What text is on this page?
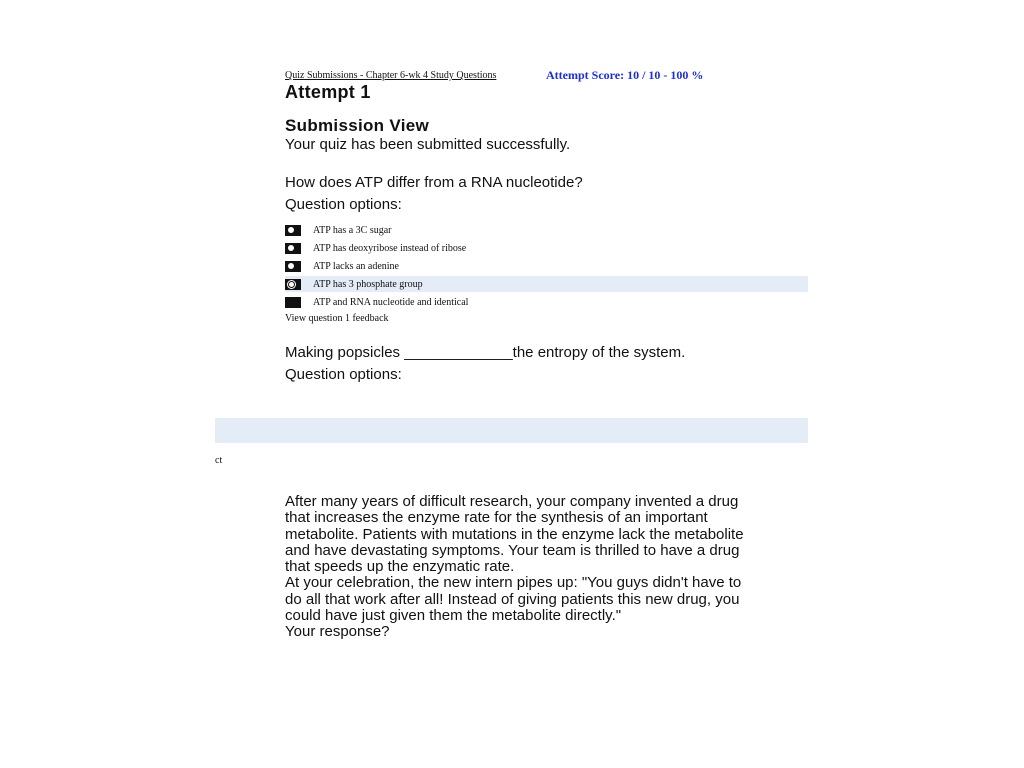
Quiz Submissions - Chapter 6-wk 4 Study Questions	Attempt Score: 10 / 10 - 100 %
Attempt 1
Submission View
Your quiz has been submitted successfully.
How does ATP differ from a RNA nucleotide?
Question options:
ATP has a 3C sugar
ATP has deoxyribose instead of ribose
ATP lacks an adenine
ATP has 3 phosphate group
ATP and RNA nucleotide and identical
View question 1 feedback
Making popsicles _____________the entropy of the system.
Question options:
ct

After many years of difficult research, your company invented a drug that increases the enzyme rate for the synthesis of an important metabolite. Patients with mutations in the enzyme lack the metabolite and have devastating symptoms. Your team is thrilled to have a drug that speeds up the enzymatic rate.

At your celebration, the new intern pipes up: "You guys didn't have to do all that work after all! Instead of giving patients this new drug, you could have just given them the metabolite directly."

Your response?
